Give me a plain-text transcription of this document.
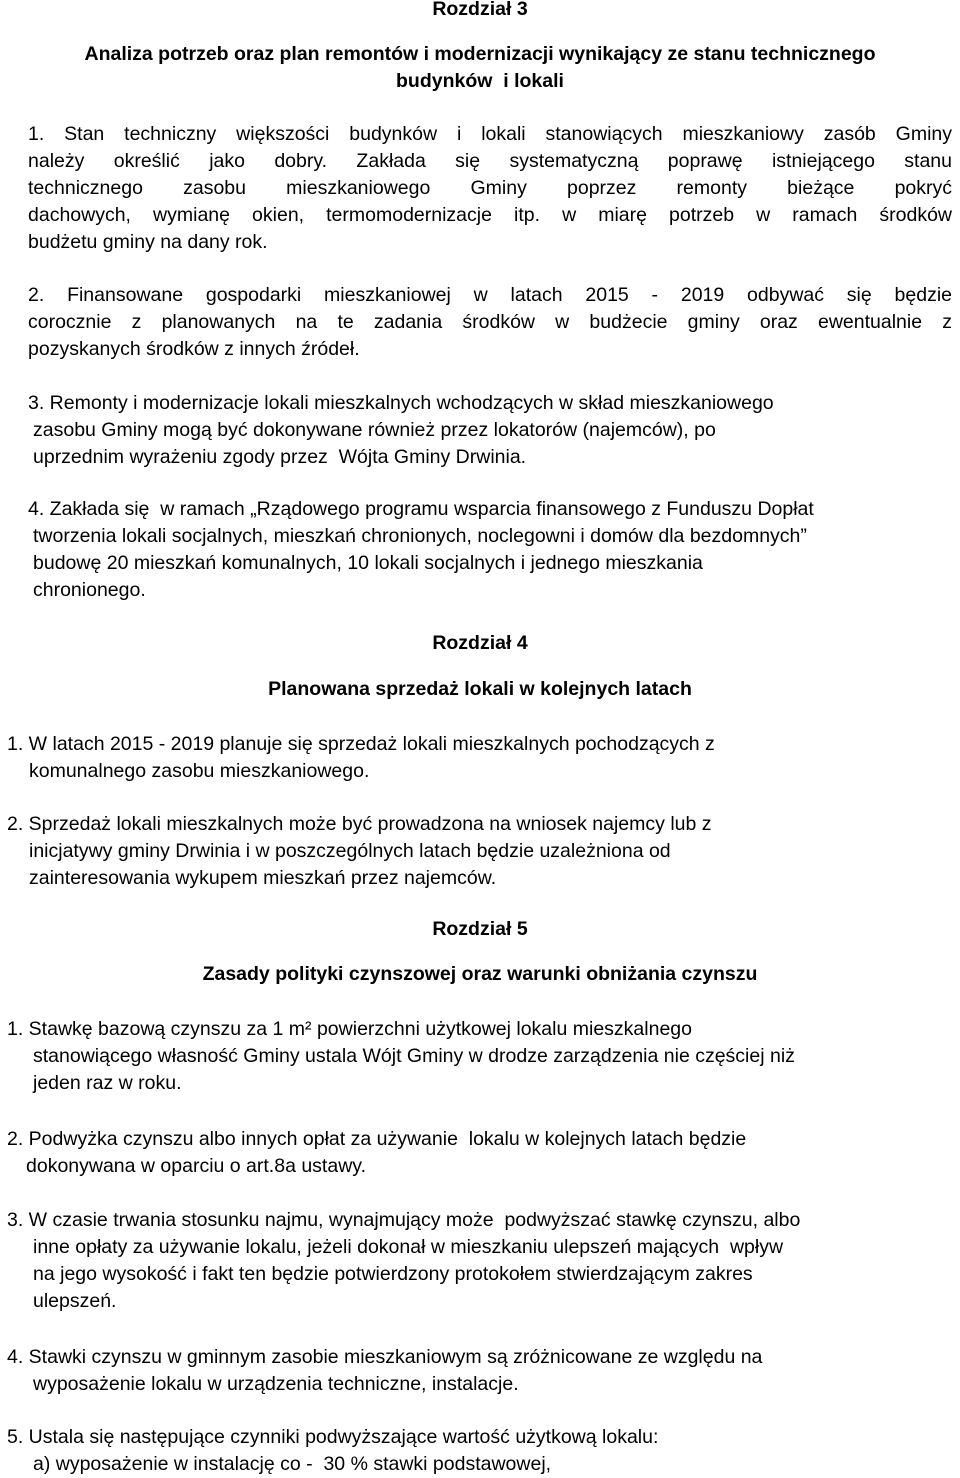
Rozdział 3
Analiza potrzeb oraz plan remontów i modernizacji wynikający ze stanu technicznego
budynków  i lokali
1. Stan techniczny większości budynków i lokali stanowiących mieszkaniowy zasób Gminy
należy określić jako dobry. Zakłada się systematyczną poprawę istniejącego stanu
technicznego zasobu mieszkaniowego Gminy poprzez remonty bieżące pokryć
dachowych, wymianę okien, termomodernizacje itp. w miarę potrzeb w ramach środków
budżetu gminy na dany rok.
2. Finansowane gospodarki mieszkaniowej w latach 2015 - 2019 odbywać się będzie
corocznie z planowanych na te zadania środków w budżecie gminy oraz ewentualnie z
pozyskanych środków z innych źródeł.
3. Remonty i modernizacje lokali mieszkalnych wchodzących w skład mieszkaniowego
zasobu Gminy mogą być dokonywane również przez lokatorów (najemców), po
uprzednim wyrażeniu zgody przez  Wójta Gminy Drwinia.
4. Zakłada się  w ramach „Rządowego programu wsparcia finansowego z Funduszu Dopłat
tworzenia lokali socjalnych, mieszkań chronionych, noclegowni i domów dla bezdomnych”
budowę 20 mieszkań komunalnych, 10 lokali socjalnych i jednego mieszkania
chronionego.
Rozdział 4
Planowana sprzedaż lokali w kolejnych latach
1. W latach 2015 - 2019 planuje się sprzedaż lokali mieszkalnych pochodzących z
komunalnego zasobu mieszkaniowego.
2. Sprzedaż lokali mieszkalnych może być prowadzona na wniosek najemcy lub z
inicjatywy gminy Drwinia i w poszczególnych latach będzie uzależniona od
zainteresowania wykupem mieszkań przez najemców.
Rozdział 5
Zasady polityki czynszowej oraz warunki obniżania czynszu
1. Stawkę bazową czynszu za 1 m² powierzchni użytkowej lokalu mieszkalnego
stanowiącego własność Gminy ustala Wójt Gminy w drodze zarządzenia nie częściej niż
jeden raz w roku.
2. Podwyżka czynszu albo innych opłat za używanie  lokalu w kolejnych latach będzie
dokonywana w oparciu o art.8a ustawy.
3. W czasie trwania stosunku najmu, wynajmujący może  podwyższać stawkę czynszu, albo
inne opłaty za używanie lokalu, jeżeli dokonał w mieszkaniu ulepszeń mających  wpływ
na jego wysokość i fakt ten będzie potwierdzony protokołem stwierdzającym zakres
ulepszeń.
4. Stawki czynszu w gminnym zasobie mieszkaniowym są zróżnicowane ze względu na
wyposażenie lokalu w urządzenia techniczne, instalacje.
5. Ustala się następujące czynniki podwyższające wartość użytkową lokalu:
a) wyposażenie w instalację co -  30 % stawki podstawowej,
